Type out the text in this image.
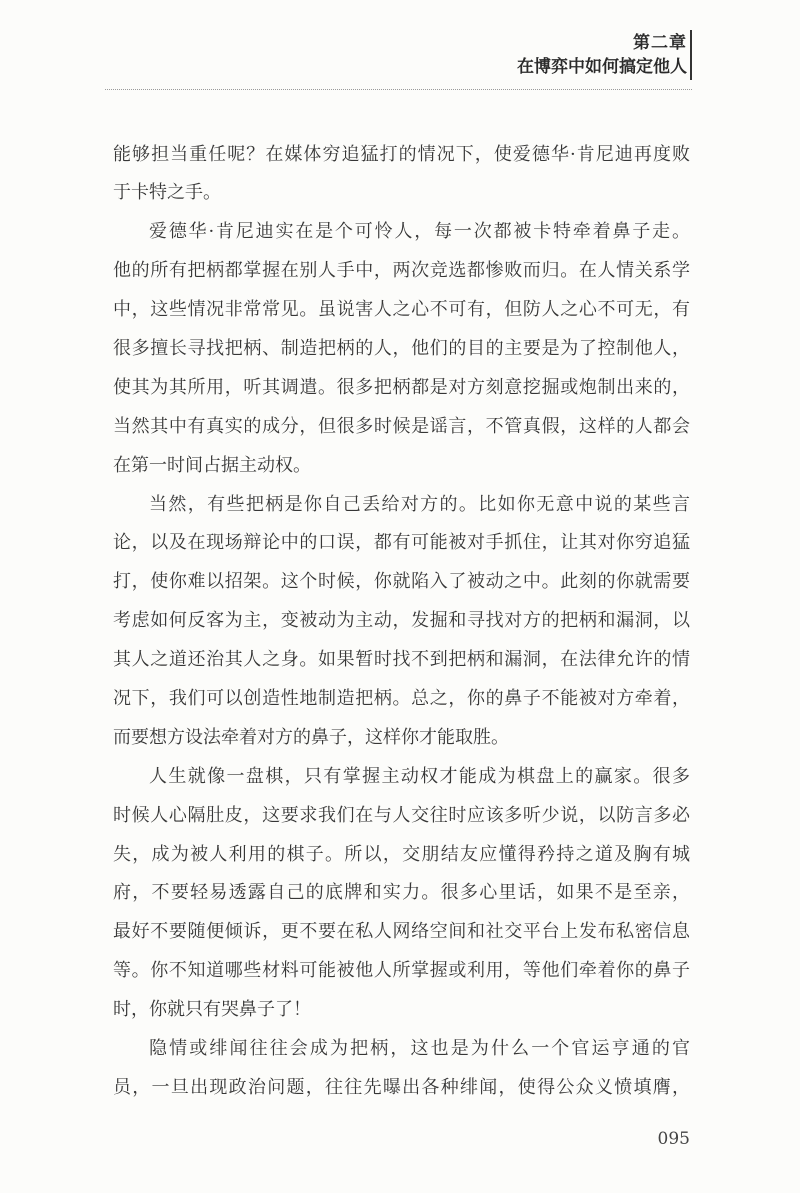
第二章
在博弈中如何搞定他人
能够担当重任呢？在媒体穷追猛打的情况下，使爱德华·肯尼迪再度败
于卡特之手。
爱德华·肯尼迪实在是个可怜人，每一次都被卡特牵着鼻子走。
他的所有把柄都掌握在别人手中，两次竞选都惨败而归。在人情关系学
中，这些情况非常常见。虽说害人之心不可有，但防人之心不可无，有
很多擅长寻找把柄、制造把柄的人，他们的目的主要是为了控制他人，
使其为其所用，听其调遣。很多把柄都是对方刻意挖掘或炮制出来的，
当然其中有真实的成分，但很多时候是谣言，不管真假，这样的人都会
在第一时间占据主动权。
当然，有些把柄是你自己丢给对方的。比如你无意中说的某些言
论，以及在现场辩论中的口误，都有可能被对手抓住，让其对你穷追猛
打，使你难以招架。这个时候，你就陷入了被动之中。此刻的你就需要
考虑如何反客为主，变被动为主动，发掘和寻找对方的把柄和漏洞，以
其人之道还治其人之身。如果暂时找不到把柄和漏洞，在法律允许的情
况下，我们可以创造性地制造把柄。总之，你的鼻子不能被对方牵着，
而要想方设法牵着对方的鼻子，这样你才能取胜。
人生就像一盘棋，只有掌握主动权才能成为棋盘上的赢家。很多
时候人心隔肚皮，这要求我们在与人交往时应该多听少说，以防言多必
失，成为被人利用的棋子。所以，交朋结友应懂得矜持之道及胸有城
府，不要轻易透露自己的底牌和实力。很多心里话，如果不是至亲，
最好不要随便倾诉，更不要在私人网络空间和社交平台上发布私密信息
等。你不知道哪些材料可能被他人所掌握或利用，等他们牵着你的鼻子
时，你就只有哭鼻子了！
隐情或绯闻往往会成为把柄，这也是为什么一个官运亨通的官
员，一旦出现政治问题，往往先曝出各种绯闻，使得公众义愤填膺，
095
